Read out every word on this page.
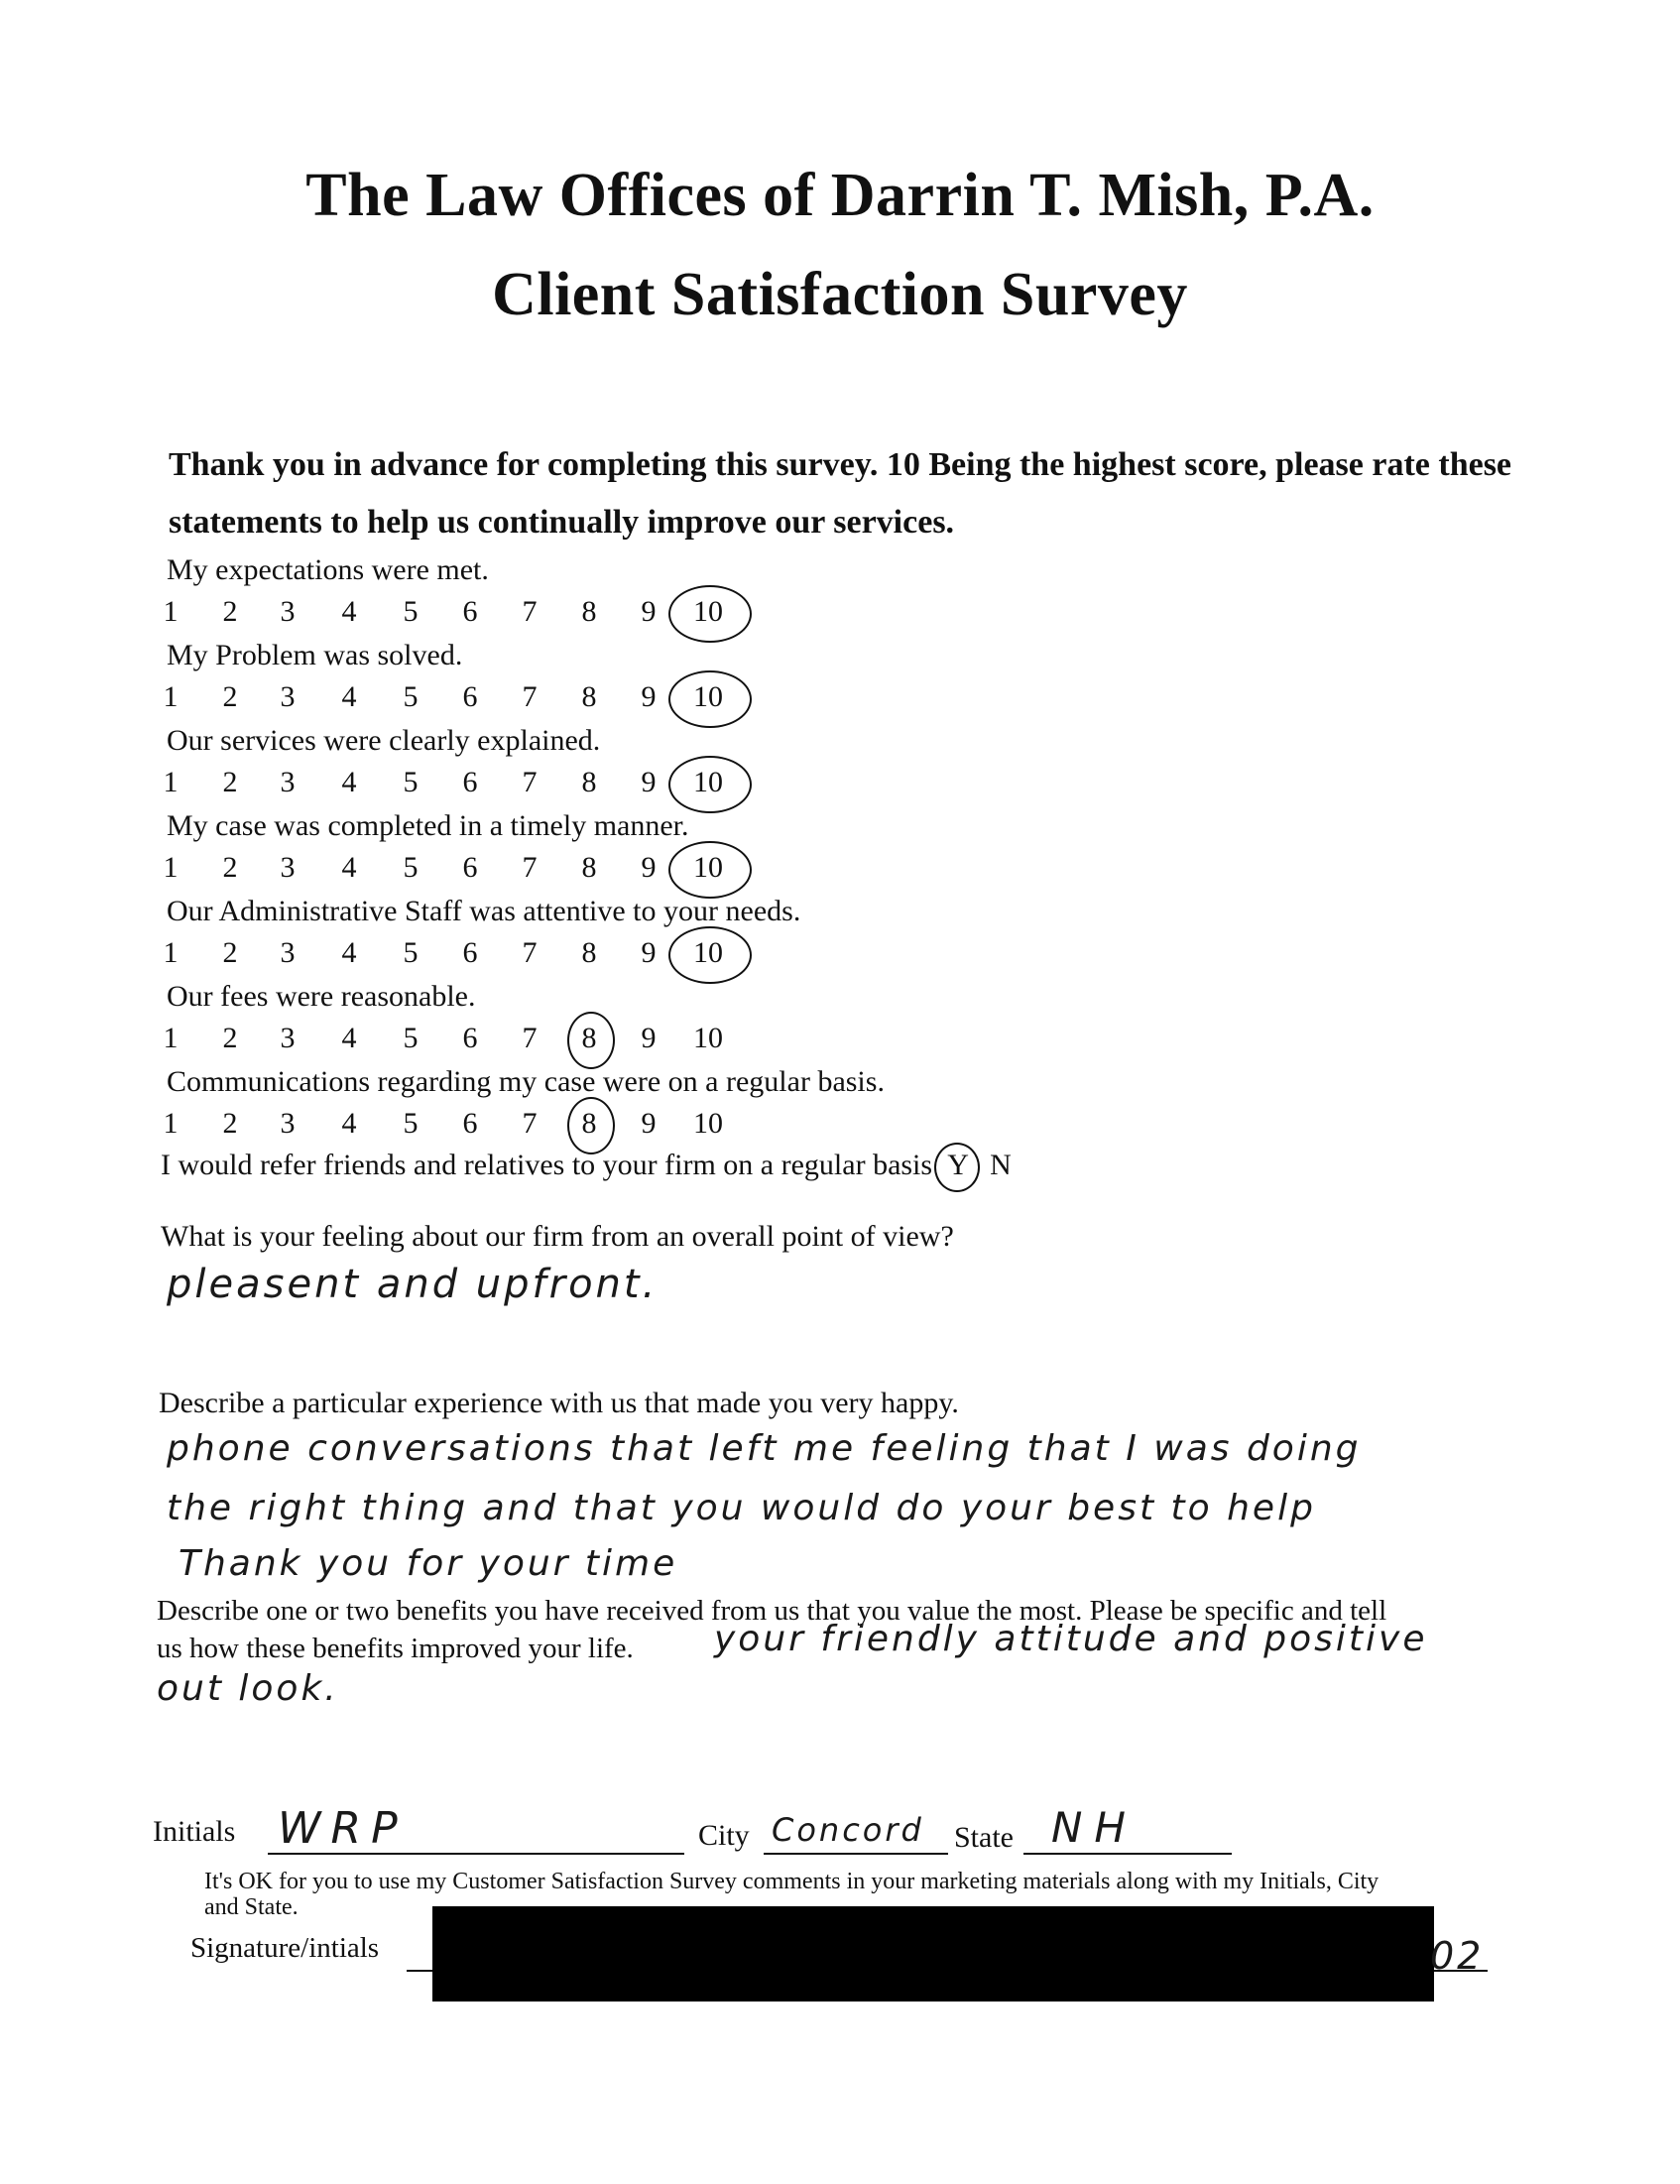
The Law Offices of Darrin T. Mish, P.A.
Client Satisfaction Survey
Thank you in advance for completing this survey. 10 Being the highest score, please rate these statements to help us continually improve our services.
My expectations were met.
1	2	3	4	5	6	7	8	9	10
My Problem was solved.
1	2	3	4	5	6	7	8	9	10
Our services were clearly explained.
1	2	3	4	5	6	7	8	9	10
My case was completed in a timely manner.
1	2	3	4	5	6	7	8	9	10
Our Administrative Staff was attentive to your needs.
1	2	3	4	5	6	7	8	9	10
Our fees were reasonable.
1	2	3	4	5	6	7	8	9	10
Communications regarding my case were on a regular basis.
1	2	3	4	5	6	7	8	9	10
I would refer friends and relatives to your firm on a regular basis Y N
What is your feeling about our firm from an overall point of view?
pleasent and upfront.
Describe a particular experience with us that made you very happy.
phone conversations that left me feeling that I was doing
the right thing and that you would do your best to help
Thank you for your time
Describe one or two benefits you have received from us that you value the most. Please be specific and tell
us how these benefits improved your life. your friendly attitude and positive
out look.
Initials WRP	City Concord State NH
It's OK for you to use my Customer Satisfaction Survey comments in your marketing materials along with my Initials, City
and State.
Signature/intials	02
